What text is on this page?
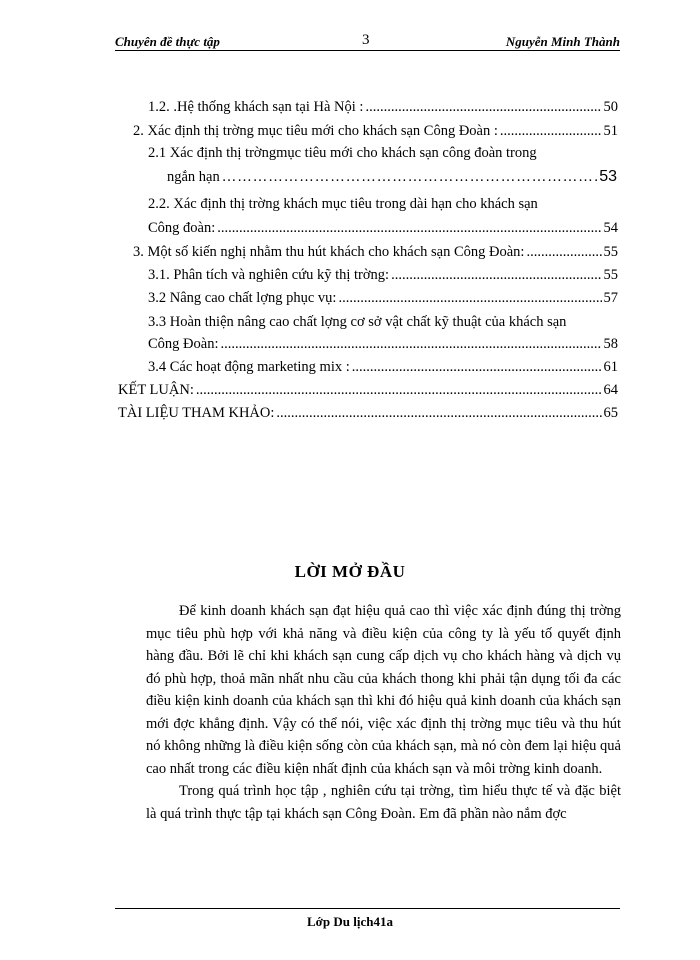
Chuyên đề thực tập	3	Nguyễn Minh Thành
1.2. .Hệ thống khách sạn tại Hà Nội : .....	50
2. Xác định thị trờng mục tiêu mới cho khách sạn Công Đoàn : .....	51
2.1 Xác định thị trờngmục tiêu mới cho khách sạn công đoàn trong
ngắn hạn …………………………………………………………………………………………………………………………………………………	53
2.2. Xác định thị trờng khách mục tiêu trong dài hạn cho khách sạn
Công đoàn: .....	54
3. Một số kiến nghị nhằm thu hút khách cho khách sạn Công Đoàn: .....	55
3.1. Phân tích và nghiên cứu kỹ thị trờng: .....	55
3.2 Nâng cao chất lợng phục vụ: .....	57
3.3 Hoàn thiện nâng cao chất lợng cơ sở vật chất kỹ thuật của khách sạn
Công Đoàn: .....	58
3.4 Các hoạt động marketing mix : .....	61
KẾT LUẬN: .....	64
TÀI LIỆU THAM KHẢO: .....	65
LỜI MỞ ĐẦU

Để kinh doanh khách sạn đạt hiệu quả cao thì việc xác định đúng thị trờng mục tiêu phù hợp với khả năng và điều kiện của công ty là yếu tố quyết định hàng đầu. Bởi lẽ chỉ khi khách sạn cung cấp dịch vụ cho khách hàng và dịch vụ đó phù hợp, thoả mãn nhất nhu cầu của khách thong khi phải tận dụng tối đa các điều kiện kinh doanh của khách sạn thì khi đó hiệu quả kinh doanh của khách sạn mới đợc khẳng định. Vậy có thể nói, việc xác định thị trờng mục tiêu và thu hút nó không những là điều kiện sống còn của khách sạn, mà nó còn đem lại hiệu quả cao nhất trong các điều kiện nhất định của khách sạn và môi trờng kinh doanh.

Trong quá trình học tập , nghiên cứu tại trờng, tìm hiểu thực tế và đặc biệt là quá trình thực tập tại khách sạn Công Đoàn. Em đã phần nào nắm đợc

Lớp Du lịch41a
